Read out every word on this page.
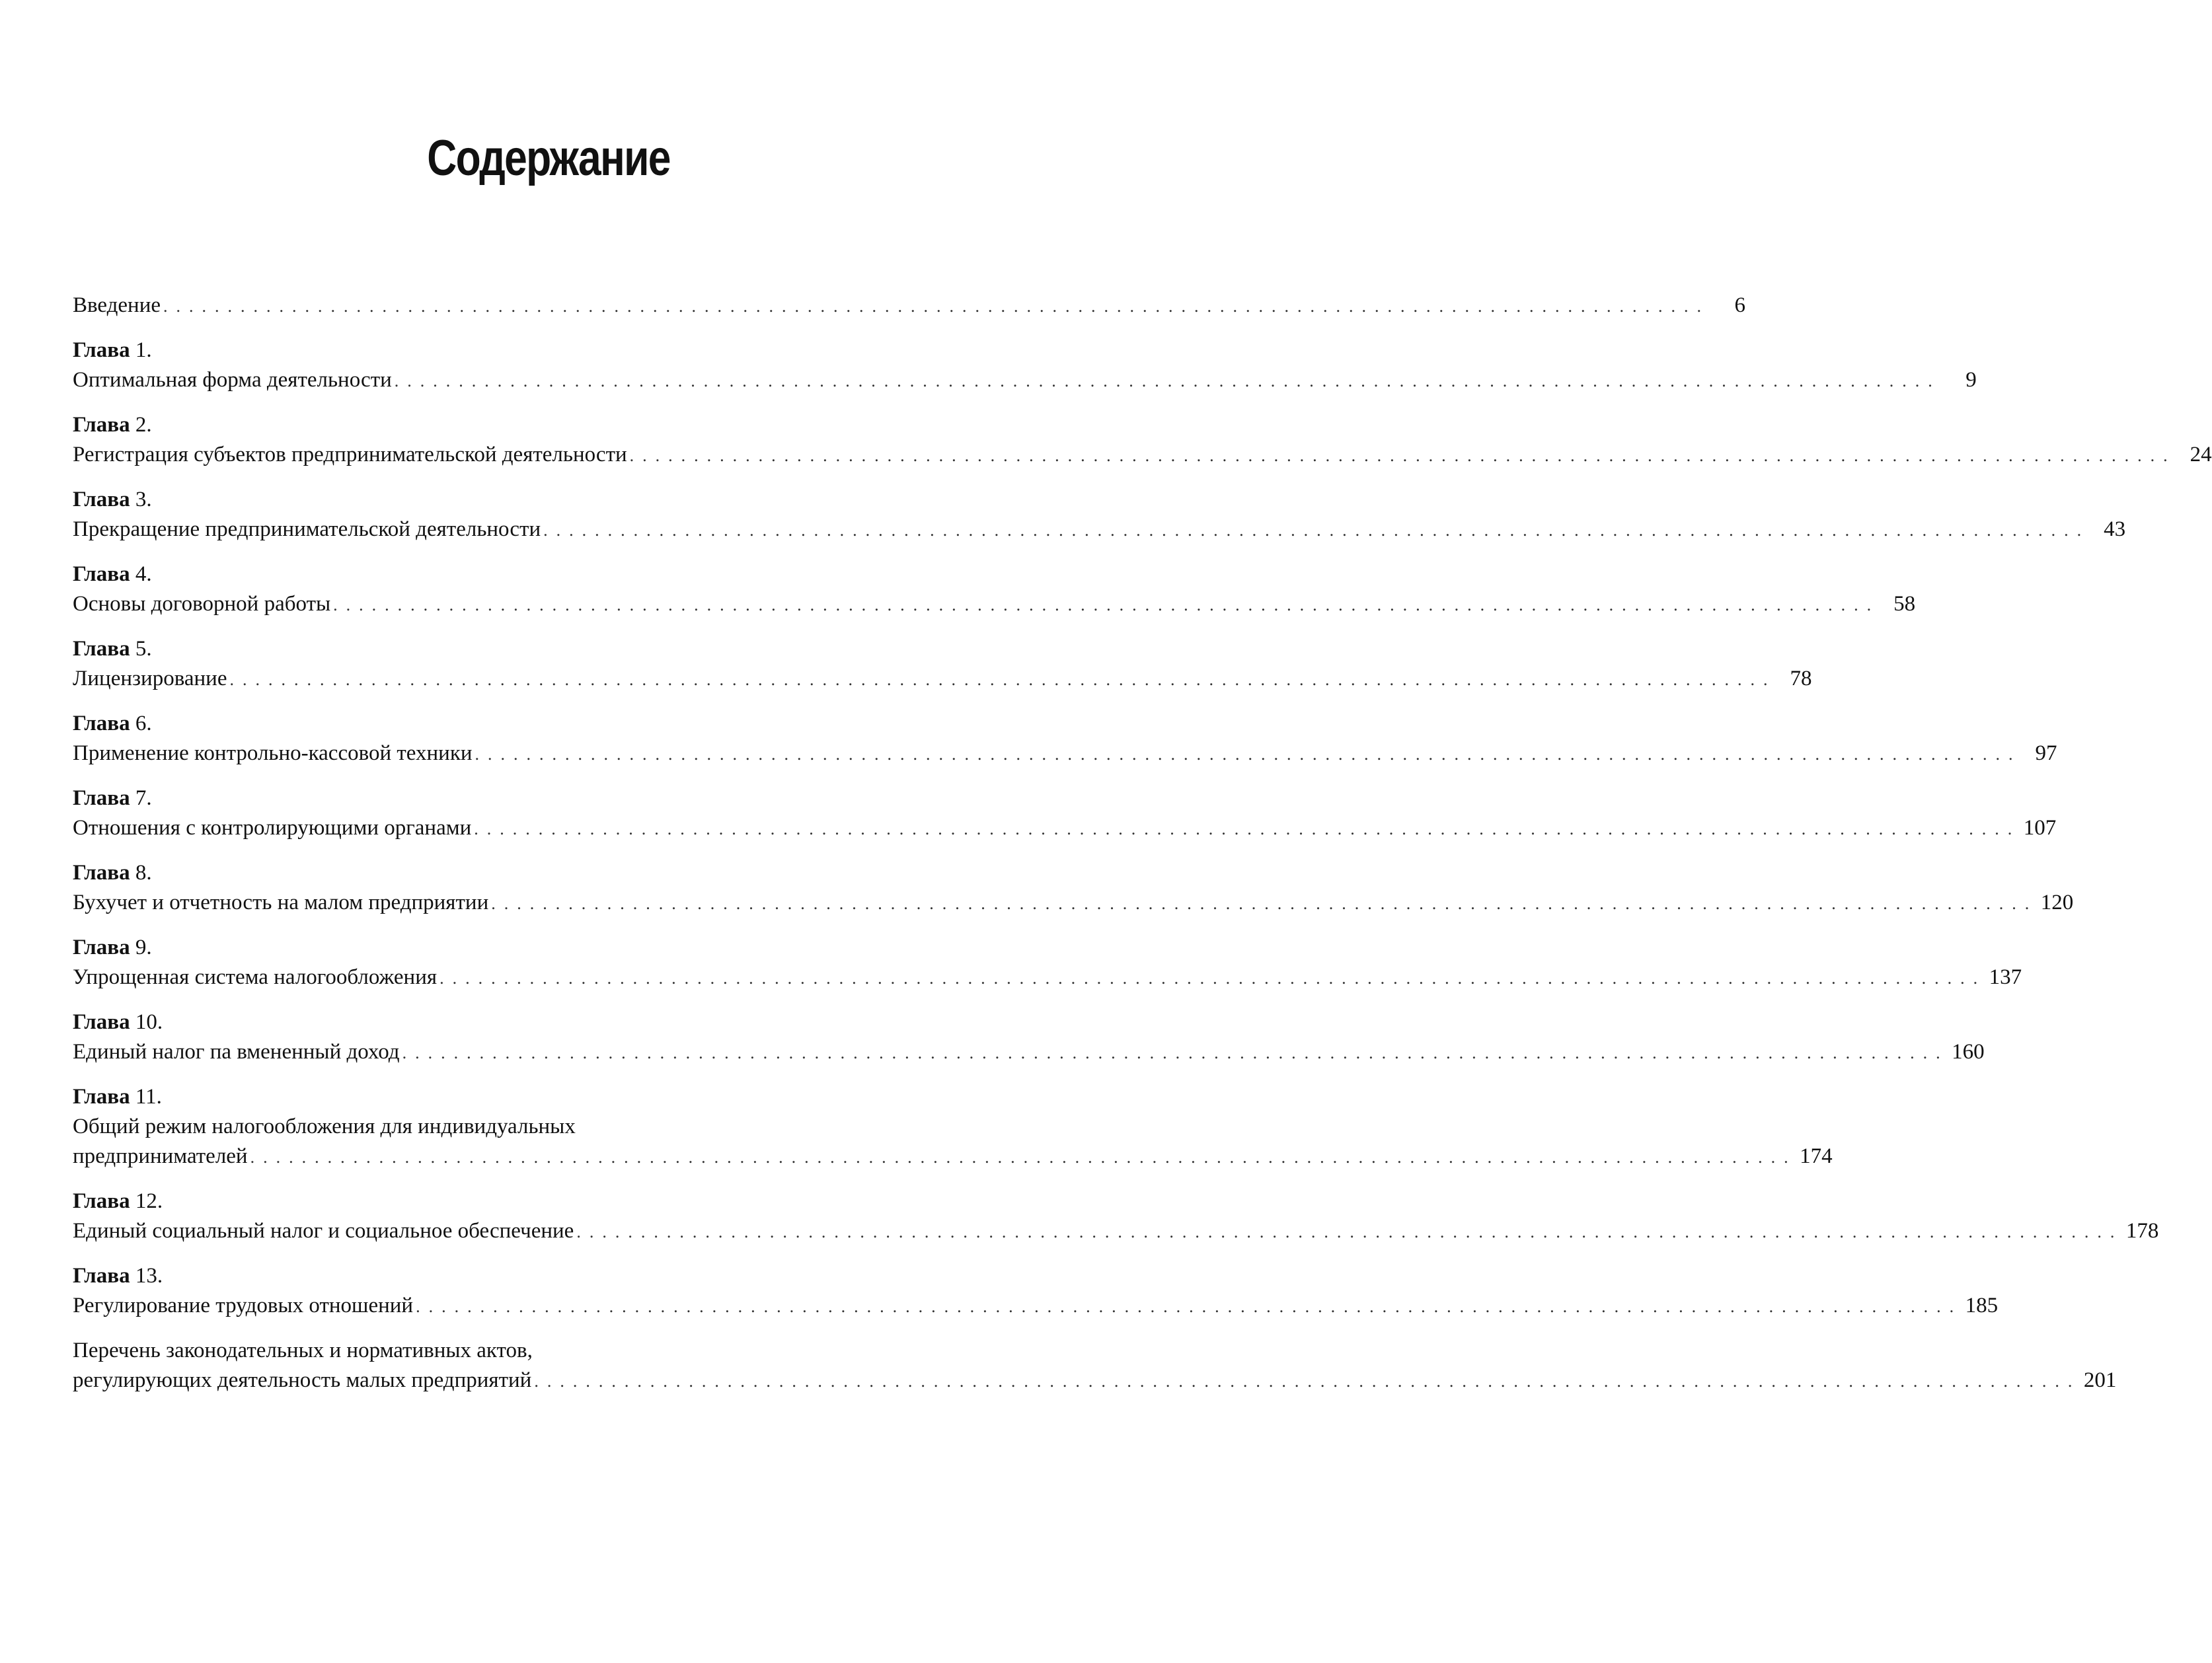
Содержание
Введение ........................................................................................................................	6
Глава 1.
Оптимальная форма деятельности ........................................................................................................................	9
Глава 2.
Регистрация субъектов предпринимательской деятельности ........................................................................................................................ 24
Глава 3.
Прекращение предпринимательской деятельности ........................................................................................................................ 43
Глава 4.
Основы договорной работы ........................................................................................................................ 58
Глава 5.
Лицензирование ........................................................................................................................ 78
Глава 6.
Применение контрольно-кассовой техники ........................................................................................................................ 97
Глава 7.
Отношения с контролирующими органами ........................................................................................................................ 107
Глава 8.
Бухучет и отчетность на малом предприятии ........................................................................................................................ 120
Глава 9.
Упрощенная система налогообложения ........................................................................................................................ 137
Глава 10.
Единый налог па вмененный доход ........................................................................................................................ 160
Глава 11.
Общий режим налогообложения для индивидуальных
предпринимателей ........................................................................................................................ 174
Глава 12.
Единый социальный налог и социальное обеспечение ........................................................................................................................ 178
Глава 13.
Регулирование трудовых отношений ........................................................................................................................ 185
Перечень законодательных и нормативных актов,
регулирующих деятельность малых предприятий ........................................................................................................................ 201
